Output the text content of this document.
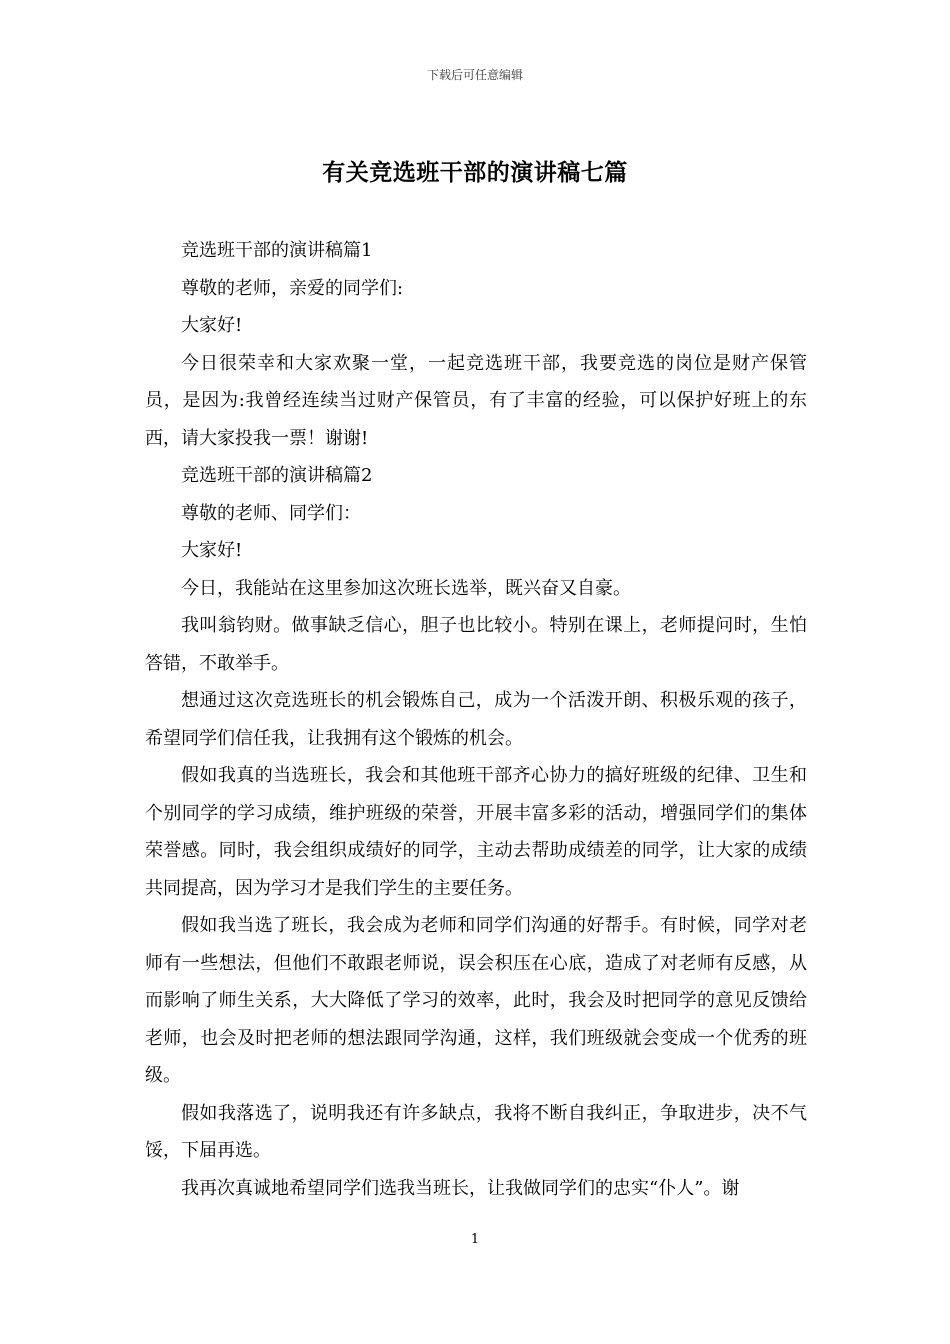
下载后可任意编辑
有关竞选班干部的演讲稿七篇

竞选班干部的演讲稿篇1

尊敬的老师，亲爱的同学们:

大家好!

今日很荣幸和大家欢聚一堂，一起竞选班干部，我要竞选的岗位是财产保管员，是因为:我曾经连续当过财产保管员，有了丰富的经验，可以保护好班上的东西，请大家投我一票！谢谢!

竞选班干部的演讲稿篇2

尊敬的老师、同学们：

大家好!

今日，我能站在这里参加这次班长选举，既兴奋又自豪。

我叫翁钧财。做事缺乏信心，胆子也比较小。特别在课上，老师提问时，生怕答错，不敢举手。

想通过这次竞选班长的机会锻炼自己，成为一个活泼开朗、积极乐观的孩子，希望同学们信任我，让我拥有这个锻炼的机会。

假如我真的当选班长，我会和其他班干部齐心协力的搞好班级的纪律、卫生和个别同学的学习成绩，维护班级的荣誉，开展丰富多彩的活动，增强同学们的集体荣誉感。同时，我会组织成绩好的同学，主动去帮助成绩差的同学，让大家的成绩共同提高，因为学习才是我们学生的主要任务。

假如我当选了班长，我会成为老师和同学们沟通的好帮手。有时候，同学对老师有一些想法，但他们不敢跟老师说，误会积压在心底，造成了对老师有反感，从而影响了师生关系，大大降低了学习的效率，此时，我会及时把同学的意见反馈给老师，也会及时把老师的想法跟同学沟通，这样，我们班级就会变成一个优秀的班级。

假如我落选了，说明我还有许多缺点，我将不断自我纠正，争取进步，决不气馁，下届再选。

我再次真诚地希望同学们选我当班长，让我做同学们的忠实“仆人”。谢

1
